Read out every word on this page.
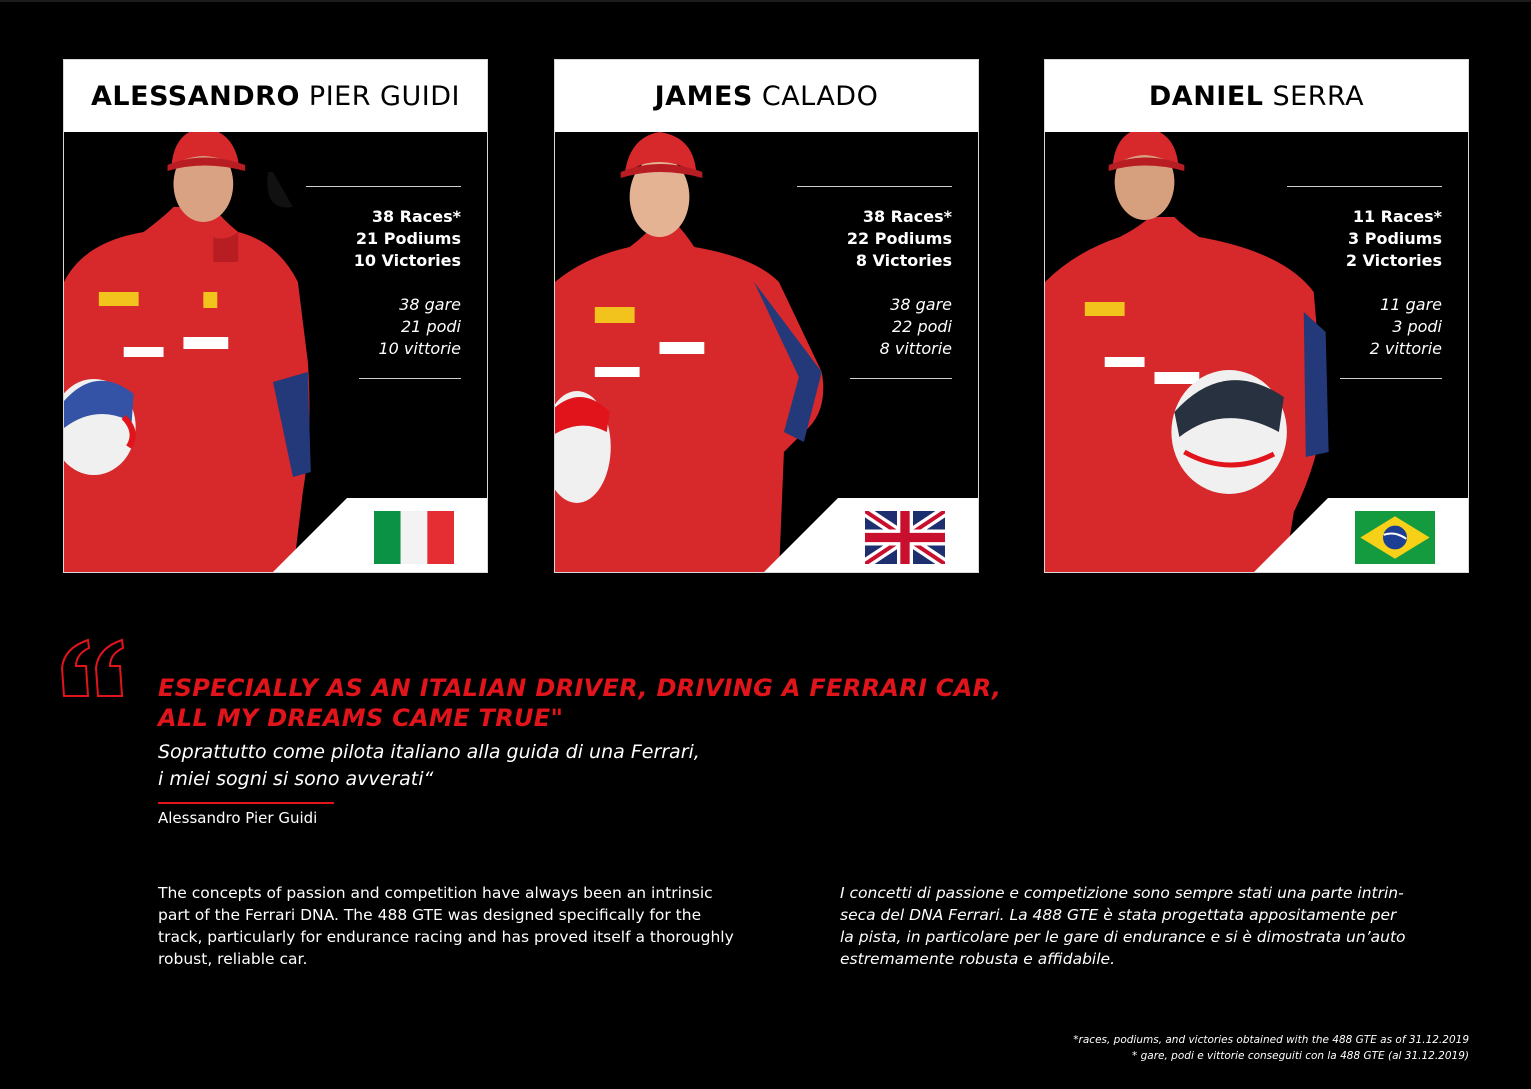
ALESSANDRO PIER GUIDI
38 Races*
21 Podiums
10 Victories
38 gare
21 podi
10 vittorie
JAMES CALADO
38 Races*
22 Podiums
8 Victories
38 gare
22 podi
8 vittorie
DANIEL SERRA
11 Races*
3 Podiums
2 Victories
11 gare
3 podi
2 vittorie
ESPECIALLY AS AN ITALIAN DRIVER, DRIVING A FERRARI CAR,
ALL MY DREAMS CAME TRUE"
Soprattutto come pilota italiano alla guida di una Ferrari,
i miei sogni si sono avverati“
Alessandro Pier Guidi
The concepts of passion and competition have always been an intrinsic
part of the Ferrari DNA. The 488 GTE was designed specifically for the
track, particularly for endurance racing and has proved itself a thoroughly
robust, reliable car.
I concetti di passione e competizione sono sempre stati una parte intrin-
seca del DNA Ferrari. La 488 GTE è stata progettata appositamente per
la pista, in particolare per le gare di endurance e si è dimostrata un’auto
estremamente robusta e affidabile.
*races, podiums, and victories obtained with the 488 GTE as of 31.12.2019
* gare, podi e vittorie conseguiti con la 488 GTE (al 31.12.2019)
